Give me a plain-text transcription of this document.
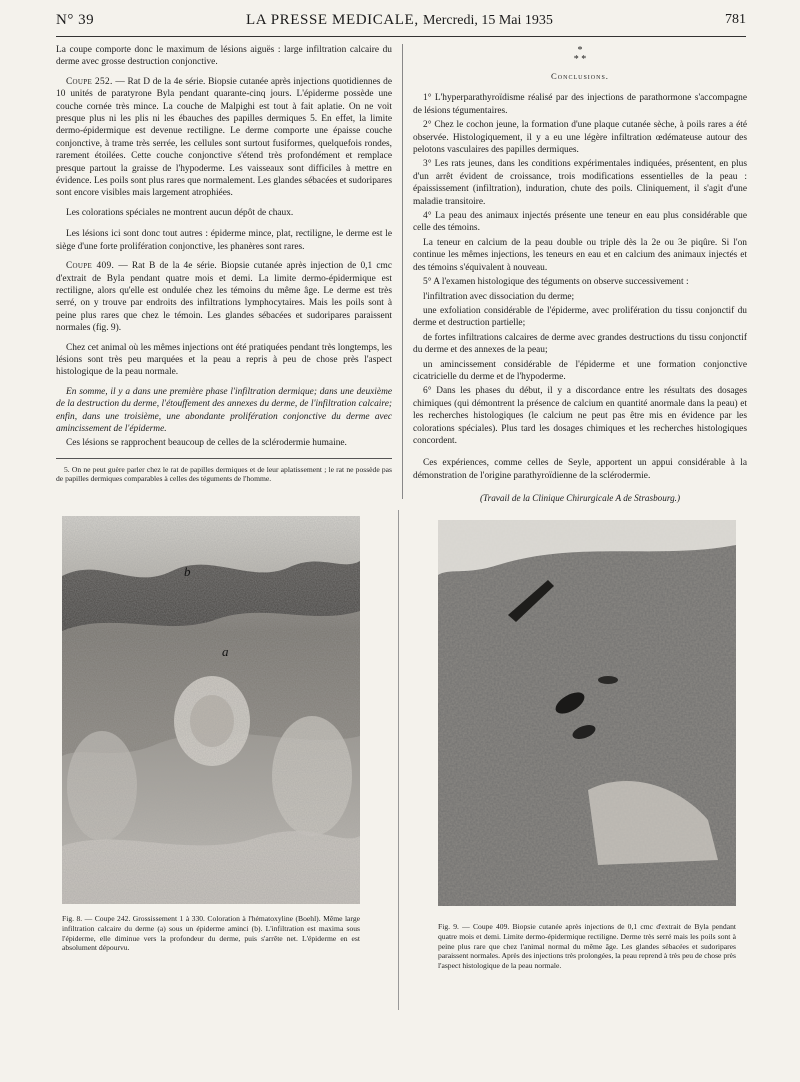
N° 39	LA PRESSE MEDICALE, Mercredi, 15 Mai 1935	781

La coupe comporte donc le maximum de lésions aiguës : large infiltration calcaire du derme avec grosse destruction conjonctive.

Coupe 252. — Rat D de la 4e série. Biopsie cutanée après injections quotidiennes de 10 unités de paratyrone Byla pendant quarante-cinq jours. L'épiderme possède une couche cornée très mince. La couche de Malpighi est tout à fait aplatie. On ne voit presque plus ni les plis ni les ébauches des papilles dermiques 5. En effet, la limite dermo-épidermique est devenue rectiligne. Le derme comporte une épaisse couche conjonctive, à trame très serrée, les cellules sont surtout fusiformes, quelquefois rondes, rarement étoilées. Cette couche conjonctive s'étend très profondément et remplace presque partout la graisse de l'hypoderme. Les vaisseaux sont difficiles à mettre en évidence. Les poils sont plus rares que normalement. Les glandes sébacées et sudoripares sont encore visibles mais largement atrophiées.

Les colorations spéciales ne montrent aucun dépôt de chaux.

Les lésions ici sont donc tout autres : épiderme mince, plat, rectiligne, le derme est le siège d'une forte prolifération conjonctive, les phanères sont rares.

Coupe 409. — Rat B de la 4e série. Biopsie cutanée après injection de 0,1 cmc d'extrait de Byla pendant quatre mois et demi. La limite dermo-épidermique est rectiligne, alors qu'elle est ondulée chez les témoins du même âge. Le derme est très serré, on y trouve par endroits des infiltrations lymphocytaires. Mais les poils sont à peine plus rares que chez le témoin. Les glandes sébacées et sudoripares paraissent normales (fig. 9).

Chez cet animal où les mêmes injections ont été pratiquées pendant très longtemps, les lésions sont très peu marquées et la peau a repris à peu de chose près l'aspect histologique de la peau normale.

En somme, il y a dans une première phase l'infiltration dermique; dans une deuxième de la destruction du derme, l'étouffement des annexes du derme, de l'infiltration calcaire; enfin, dans une troisième, une abondante prolifération conjonctive du derme avec amincissement de l'épiderme.

Ces lésions se rapprochent beaucoup de celles de la sclérodermie humaine.

5. On ne peut guère parler chez le rat de papilles dermiques et de leur aplatissement ; le rat ne possède pas de papilles dermiques comparables à celles des téguments de l'homme.

*
* *
Conclusions.

1° L'hyperparathyroïdisme réalisé par des injections de parathormone s'accompagne de lésions tégumentaires.

2° Chez le cochon jeune, la formation d'une plaque cutanée sèche, à poils rares a été observée. Histologiquement, il y a eu une légère infiltration œdémateuse autour des pelotons vasculaires des papilles dermiques.

3° Les rats jeunes, dans les conditions expérimentales indiquées, présentent, en plus d'un arrêt évident de croissance, trois modifications essentielles de la peau : épaississement (infiltration), induration, chute des poils. Cliniquement, il s'agit d'une maladie transitoire.

4° La peau des animaux injectés présente une teneur en eau plus considérable que celle des témoins.

La teneur en calcium de la peau double ou triple dès la 2e ou 3e piqûre. Si l'on continue les mêmes injections, les teneurs en eau et en calcium des animaux injectés et des témoins s'équivalent à nouveau.

5° A l'examen histologique des téguments on observe successivement :

l'infiltration avec dissociation du derme;

une exfoliation considérable de l'épiderme, avec prolifération du tissu conjonctif du derme et destruction partielle;

de fortes infiltrations calcaires de derme avec grandes destructions du tissu conjonctif du derme et des annexes de la peau;

un amincissement considérable de l'épiderme et une formation conjonctive cicatricielle du derme et de l'hypoderme.

6° Dans les phases du début, il y a discordance entre les résultats des dosages chimiques (qui démontrent la présence de calcium en quantité anormale dans la peau) et les recherches histologiques (le calcium ne peut pas être mis en évidence par les colorations spéciales). Plus tard les dosages chimiques et les recherches histologiques concordent.

Ces expériences, comme celles de Seyle, apportent un appui considérable à la démonstration de l'origine parathyroïdienne de la sclérodermie.

(Travail de la Clinique Chirurgicale A de Strasbourg.)
b
a
Fig. 8. — Coupe 242. Grossissement 1 à 330. Coloration à l'hématoxyline (Boehl). Même large infiltration calcaire du derme (a) sous un épiderme aminci (b). L'infiltration est maxima sous l'épiderme, elle diminue vers la profondeur du derme, puis s'arrête net. L'épiderme en est absolument dépourvu.
Fig. 9. — Coupe 409. Biopsie cutanée après injections de 0,1 cmc d'extrait de Byla pendant quatre mois et demi. Limite dermo-épidermique rectiligne. Derme très serré mais les poils sont à peine plus rare que chez l'animal normal du même âge. Les glandes sébacées et sudoripares paraissent normales. Après des injections très prolongées, la peau reprend à très peu de chose près l'aspect histologique de la peau normale.
